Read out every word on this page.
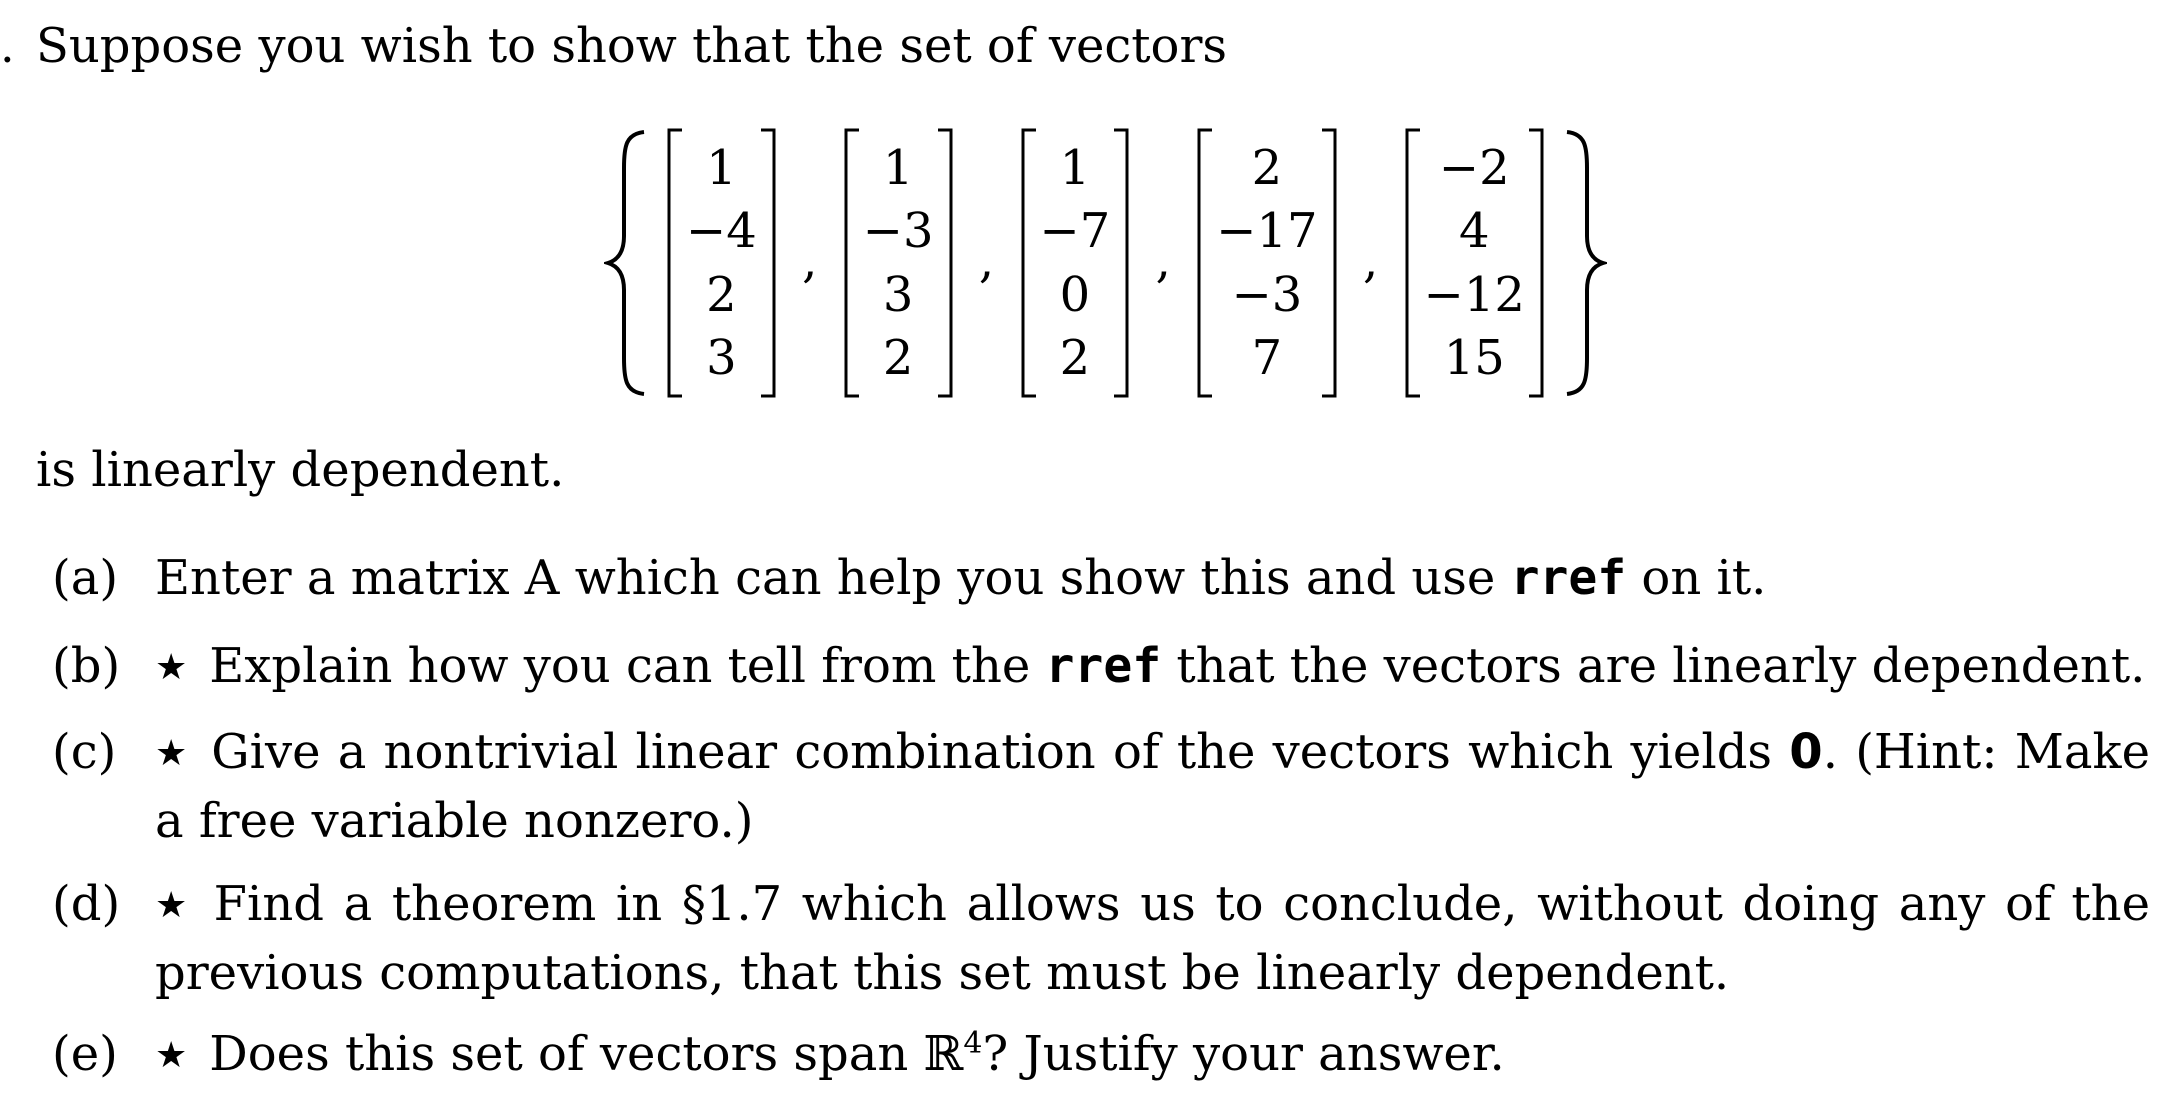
. Suppose you wish to show that the set of vectors
1
−4
2
3
,
1
−3
3
2
,
1
−7
0
2
,
2
−17
−3
7
,
−2
4
−12
15
is linearly dependent.
(a) Enter a matrix A which can help you show this and use rref on it.
(b) ★ Explain how you can tell from the rref that the vectors are linearly dependent.
(c)	★ Give a nontrivial linear combination of the vectors which yields 0. (Hint: Make a free variable nonzero.)
(d) ★ Find a theorem in §1.7 which allows us to conclude, without doing any of the previous computations, that this set must be linearly dependent.
(e)	★ Does this set of vectors span ℝ$^4$? Justify your answer.
